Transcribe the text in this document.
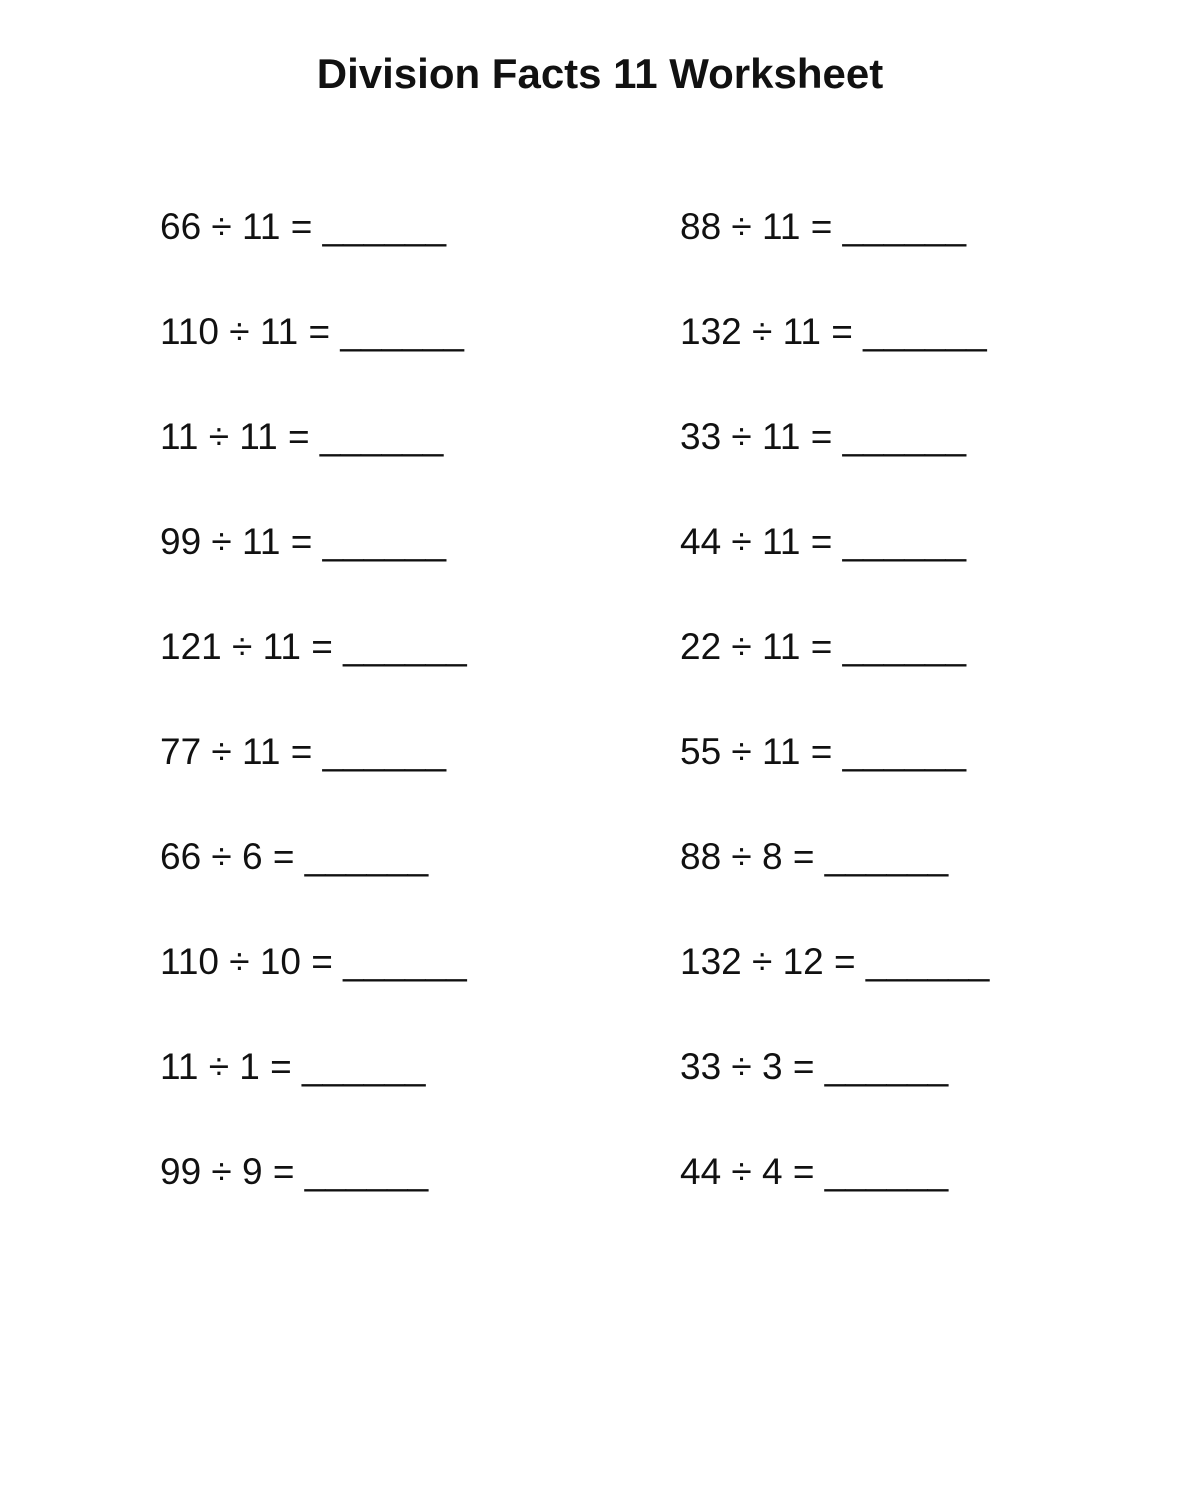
Division Facts 11 Worksheet
66 ÷ 11 = ______	88 ÷ 11 = ______
110 ÷ 11 = ______	132 ÷ 11 = ______
11 ÷ 11 = ______	33 ÷ 11 = ______
99 ÷ 11 = ______	44 ÷ 11 = ______
121 ÷ 11 = ______	22 ÷ 11 = ______
77 ÷ 11 = ______	55 ÷ 11 = ______
66 ÷ 6 = ______	88 ÷ 8 = ______
110 ÷ 10 = ______	132 ÷ 12 = ______
11 ÷ 1 = ______	33 ÷ 3 = ______
99 ÷ 9 = ______	44 ÷ 4 = ______
